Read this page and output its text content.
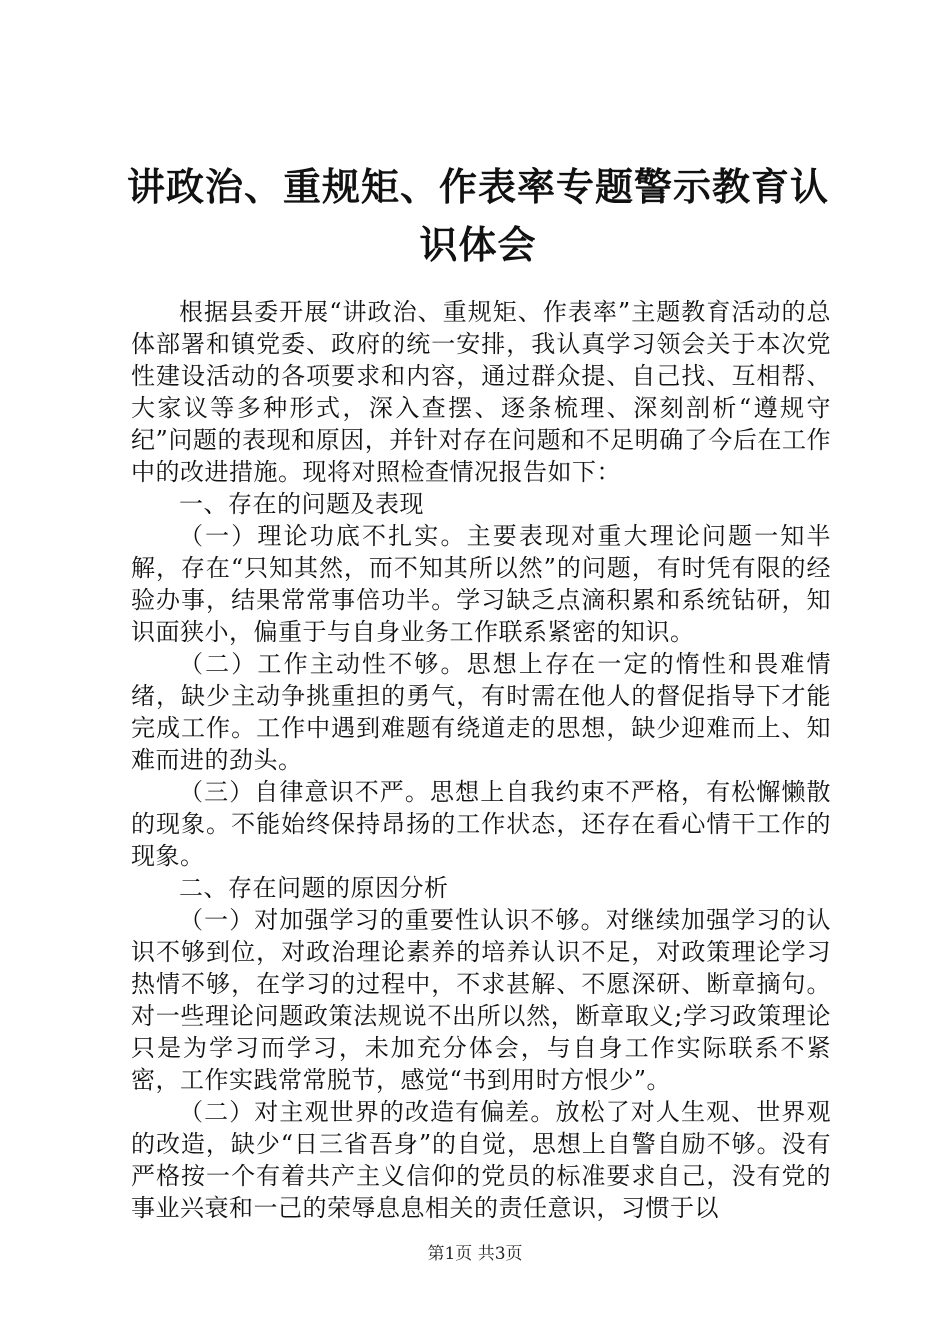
讲政治、重规矩、作表率专题警示教育认识体会

根据县委开展“讲政治、重规矩、作表率”主题教育活动的总体部署和镇党委、政府的统一安排，我认真学习领会关于本次党性建设活动的各项要求和内容，通过群众提、自己找、互相帮、大家议等多种形式，深入查摆、逐条梳理、深刻剖析“遵规守纪”问题的表现和原因，并针对存在问题和不足明确了今后在工作中的改进措施。现将对照检查情况报告如下：

一、存在的问题及表现

（一）理论功底不扎实。主要表现对重大理论问题一知半解，存在“只知其然，而不知其所以然”的问题，有时凭有限的经验办事，结果常常事倍功半。学习缺乏点滴积累和系统钻研，知识面狭小，偏重于与自身业务工作联系紧密的知识。

（二）工作主动性不够。思想上存在一定的惰性和畏难情绪，缺少主动争挑重担的勇气，有时需在他人的督促指导下才能完成工作。工作中遇到难题有绕道走的思想，缺少迎难而上、知难而进的劲头。

（三）自律意识不严。思想上自我约束不严格，有松懈懒散的现象。不能始终保持昂扬的工作状态，还存在看心情干工作的现象。

二、存在问题的原因分析

（一）对加强学习的重要性认识不够。对继续加强学习的认识不够到位，对政治理论素养的培养认识不足，对政策理论学习热情不够，在学习的过程中，不求甚解、不愿深研、断章摘句。对一些理论问题政策法规说不出所以然，断章取义;学习政策理论只是为学习而学习，未加充分体会，与自身工作实际联系不紧密，工作实践常常脱节，感觉“书到用时方恨少”。

（二）对主观世界的改造有偏差。放松了对人生观、世界观的改造，缺少“日三省吾身”的自觉，思想上自警自励不够。没有严格按一个有着共产主义信仰的党员的标准要求自己，没有党的事业兴衰和一己的荣辱息息相关的责任意识，习惯于以

第1页 共3页
